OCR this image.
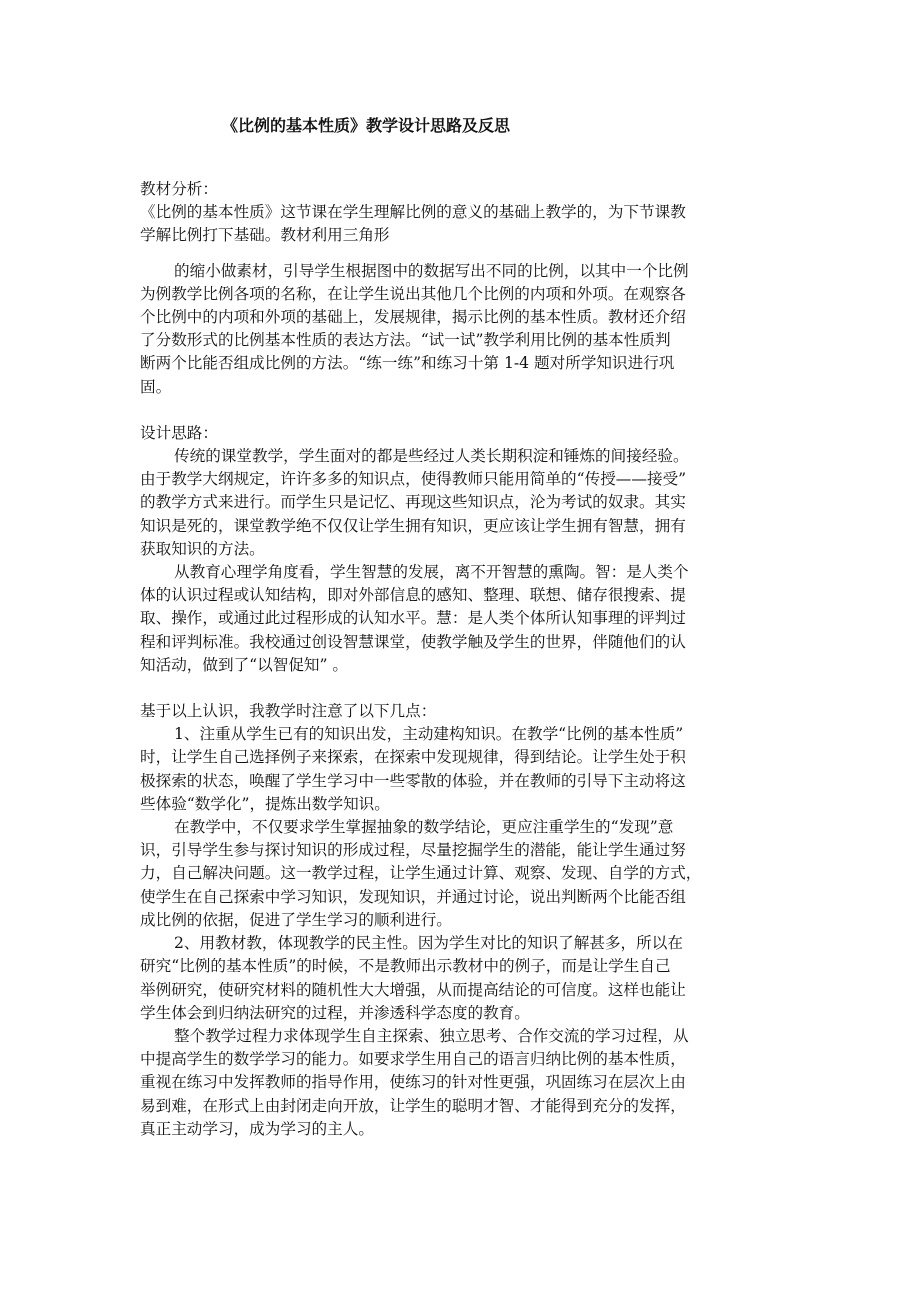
《比例的基本性质》教学设计思路及反思
教材分析：
《比例的基本性质》这节课在学生理解比例的意义的基础上教学的，为下节课教
学解比例打下基础。教材利用三角形
的缩小做素材，引导学生根据图中的数据写出不同的比例，以其中一个比例
为例教学比例各项的名称，在让学生说出其他几个比例的内项和外项。在观察各
个比例中的内项和外项的基础上，发展规律，揭示比例的基本性质。教材还介绍
了分数形式的比例基本性质的表达方法。“试一试”教学利用比例的基本性质判
断两个比能否组成比例的方法。“练一练”和练习十第 1-4 题对所学知识进行巩
固。
设计思路：
传统的课堂教学，学生面对的都是些经过人类长期积淀和锤炼的间接经验。
由于教学大纲规定，许许多多的知识点，使得教师只能用简单的“传授——接受”
的教学方式来进行。而学生只是记忆、再现这些知识点，沦为考试的奴隶。其实
知识是死的，课堂教学绝不仅仅让学生拥有知识，更应该让学生拥有智慧，拥有
获取知识的方法。
从教育心理学角度看，学生智慧的发展，离不开智慧的熏陶。智：是人类个
体的认识过程或认知结构，即对外部信息的感知、整理、联想、储存很搜索、提
取、操作，或通过此过程形成的认知水平。慧：是人类个体所认知事理的评判过
程和评判标准。我校通过创设智慧课堂，使教学触及学生的世界，伴随他们的认
知活动，做到了“以智促知” 。
基于以上认识，我教学时注意了以下几点：
1、注重从学生已有的知识出发，主动建构知识。在教学“比例的基本性质”
时，让学生自己选择例子来探索，在探索中发现规律，得到结论。让学生处于积
极探索的状态，唤醒了学生学习中一些零散的体验，并在教师的引导下主动将这
些体验“数学化”，提炼出数学知识。
在教学中，不仅要求学生掌握抽象的数学结论，更应注重学生的“发现”意
识，引导学生参与探讨知识的形成过程，尽量挖掘学生的潜能，能让学生通过努
力，自己解决问题。这一教学过程，让学生通过计算、观察、发现、自学的方式，
使学生在自己探索中学习知识，发现知识，并通过讨论，说出判断两个比能否组
成比例的依据，促进了学生学习的顺利进行。
2、用教材教，体现教学的民主性。因为学生对比的知识了解甚多，所以在
研究“比例的基本性质”的时候，不是教师出示教材中的例子，而是让学生自己
举例研究，使研究材料的随机性大大增强，从而提高结论的可信度。这样也能让
学生体会到归纳法研究的过程，并渗透科学态度的教育。
整个教学过程力求体现学生自主探索、独立思考、合作交流的学习过程，从
中提高学生的数学学习的能力。如要求学生用自己的语言归纳比例的基本性质，
重视在练习中发挥教师的指导作用，使练习的针对性更强，巩固练习在层次上由
易到难，在形式上由封闭走向开放，让学生的聪明才智、才能得到充分的发挥，
真正主动学习，成为学习的主人。
